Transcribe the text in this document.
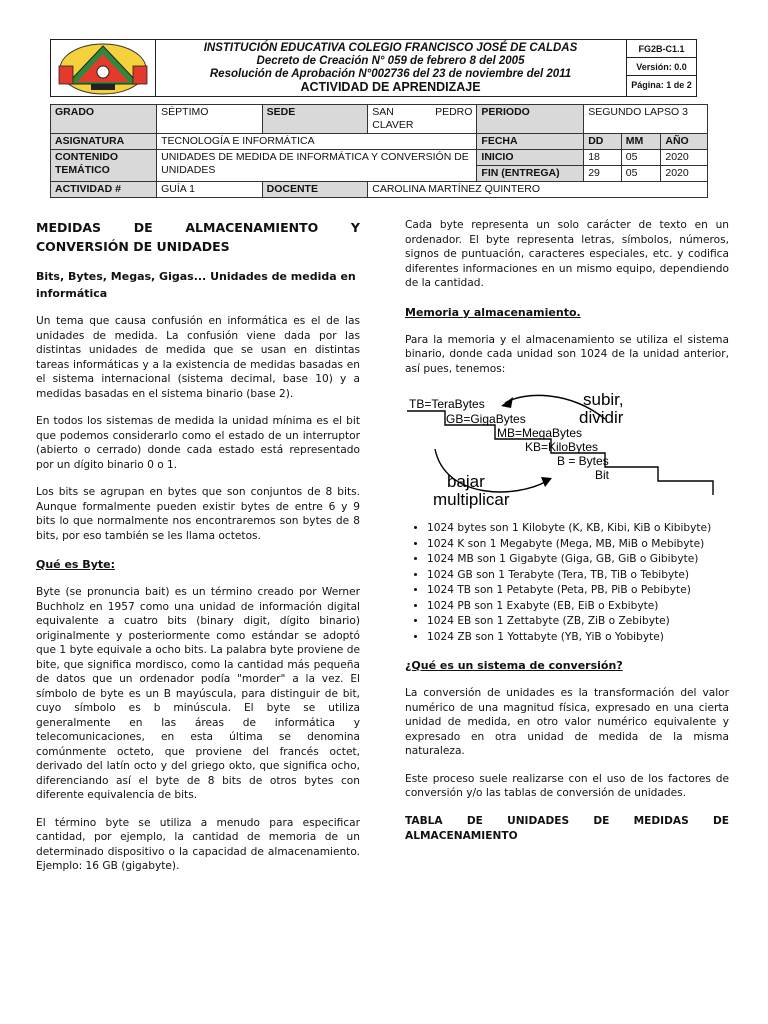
INSTITUCIÓN EDUCATIVA COLEGIO FRANCISCO JOSÉ DE CALDAS
Decreto de Creación N° 059 de febrero 8 del 2005
Resolución de Aprobación N°002736 del 23 de noviembre del 2011
ACTIVIDAD DE APRENDIZAJE
FG2B-C1.1
Versión: 0.0
Página: 1 de 2
GRADO	SÉPTIMO	SEDE	SAN PEDRO CLAVER	PERIODO	SEGUNDO LAPSO 3		
ASIGNATURA	TECNOLOGÍA E INFORMÁTICA			FECHA	DD	MM	AÑO
CONTENIDO TEMÁTICO	UNIDADES DE MEDIDA DE INFORMÁTICA Y CONVERSIÓN DE UNIDADES			INICIO	18	05	2020
				FIN (ENTREGA)	29	05	2020
ACTIVIDAD #	GUÍA 1	DOCENTE	CAROLINA MARTÍNEZ QUINTERO				
MEDIDAS DE ALMACENAMIENTO Y CONVERSIÓN DE UNIDADES
Bits, Bytes, Megas, Gigas... Unidades de medida en informática

Un tema que causa confusión en informática es el de las unidades de medida. La confusión viene dada por las distintas unidades de medida que se usan en distintas tareas informáticas y a la existencia de medidas basadas en el sistema internacional (sistema decimal, base 10) y a medidas basadas en el sistema binario (base 2).

En todos los sistemas de medida la unidad mínima es el bit que podemos considerarlo como el estado de un interruptor (abierto o cerrado) donde cada estado está representado por un dígito binario 0 o 1.

Los bits se agrupan en bytes que son conjuntos de 8 bits. Aunque formalmente pueden existir bytes de entre 6 y 9 bits lo que normalmente nos encontraremos son bytes de 8 bits, por eso también se les llama octetos.

Qué es Byte:

Byte (se pronuncia bait) es un término creado por Werner Buchholz en 1957 como una unidad de información digital equivalente a cuatro bits (binary digit, dígito binario) originalmente y posteriormente como estándar se adoptó que 1 byte equivale a ocho bits. La palabra byte proviene de bite, que significa mordisco, como la cantidad más pequeña de datos que un ordenador podía "morder" a la vez. El símbolo de byte es un B mayúscula, para distinguir de bit, cuyo símbolo es b minúscula. El byte se utiliza generalmente en las áreas de informática y telecomunicaciones, en esta última se denomina comúnmente octeto, que proviene del francés octet, derivado del latín octo y del griego okto, que significa ocho, diferenciando así el byte de 8 bits de otros bytes con diferente equivalencia de bits.

El término byte se utiliza a menudo para especificar cantidad, por ejemplo, la cantidad de memoria de un determinado dispositivo o la capacidad de almacenamiento. Ejemplo: 16 GB (gigabyte).

Cada byte representa un solo carácter de texto en un ordenador. El byte representa letras, símbolos, números, signos de puntuación, caracteres especiales, etc. y codifica diferentes informaciones en un mismo equipo, dependiendo de la cantidad.

Memoria y almacenamiento.

Para la memoria y el almacenamiento se utiliza el sistema binario, donde cada unidad son 1024 de la unidad anterior, así pues, tenemos:

TB=TeraBytes
GB=GigaBytes
MB=MegaBytes
KB=KiloBytes
B = Bytes
Bit
subir,
dividir
bajar
multiplicar
• 1024 bytes son 1 Kilobyte (K, KB, Kibi, KiB o Kibibyte)
• 1024 K son 1 Megabyte (Mega, MB, MiB o Mebibyte)
• 1024 MB son 1 Gigabyte (Giga, GB, GiB o Gibibyte)
• 1024 GB son 1 Terabyte (Tera, TB, TiB o Tebibyte)
• 1024 TB son 1 Petabyte (Peta, PB, PiB o Pebibyte)
• 1024 PB son 1 Exabyte (EB, EiB o Exbibyte)
• 1024 EB son 1 Zettabyte (ZB, ZiB o Zebibyte)
• 1024 ZB son 1 Yottabyte (YB, YiB o Yobibyte)
¿Qué es un sistema de conversión?

La conversión de unidades es la transformación del valor numérico de una magnitud física, expresado en una cierta unidad de medida, en otro valor numérico equivalente y expresado en otra unidad de medida de la misma naturaleza.

Este proceso suele realizarse con el uso de los factores de conversión y/o las tablas de conversión de unidades.

TABLA DE UNIDADES DE MEDIDAS DE ALMACENAMIENTO
